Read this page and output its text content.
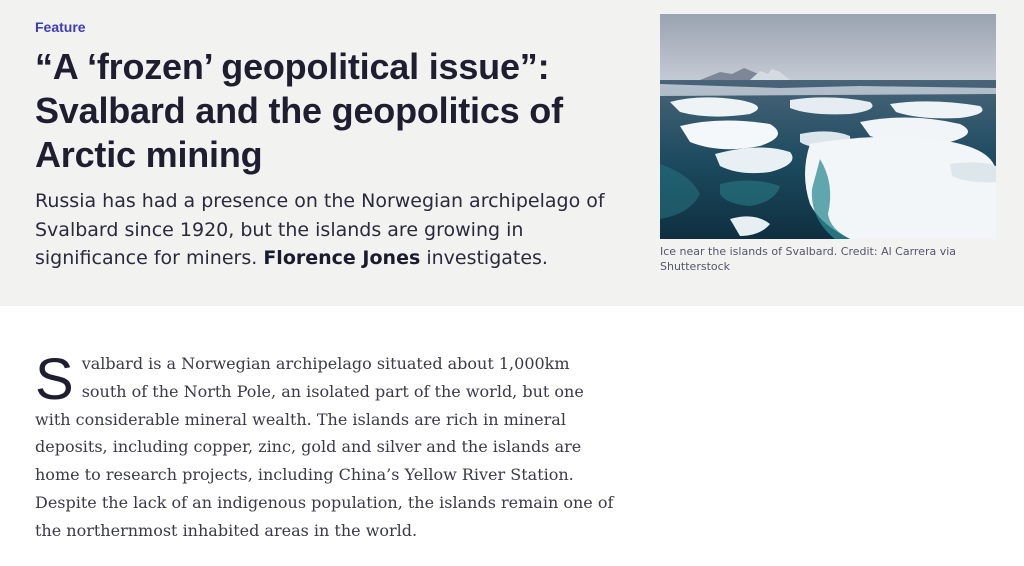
Feature

“A ‘frozen’ geopolitical issue”: Svalbard and the geopolitics of Arctic mining

Russia has had a presence on the Norwegian archipelago of Svalbard since 1920, but the islands are growing in significance for miners. Florence Jones investigates.	Ice near the islands of Svalbard. Credit: Al Carrera via Shutterstock

Svalbard is a Norwegian archipelago situated about 1,000km south of the North Pole, an isolated part of the world, but one with considerable mineral wealth. The islands are rich in mineral deposits, including copper, zinc, gold and silver and the islands are home to research projects, including China’s Yellow River Station. Despite the lack of an indigenous population, the islands remain one of the northernmost inhabited areas in the world.
